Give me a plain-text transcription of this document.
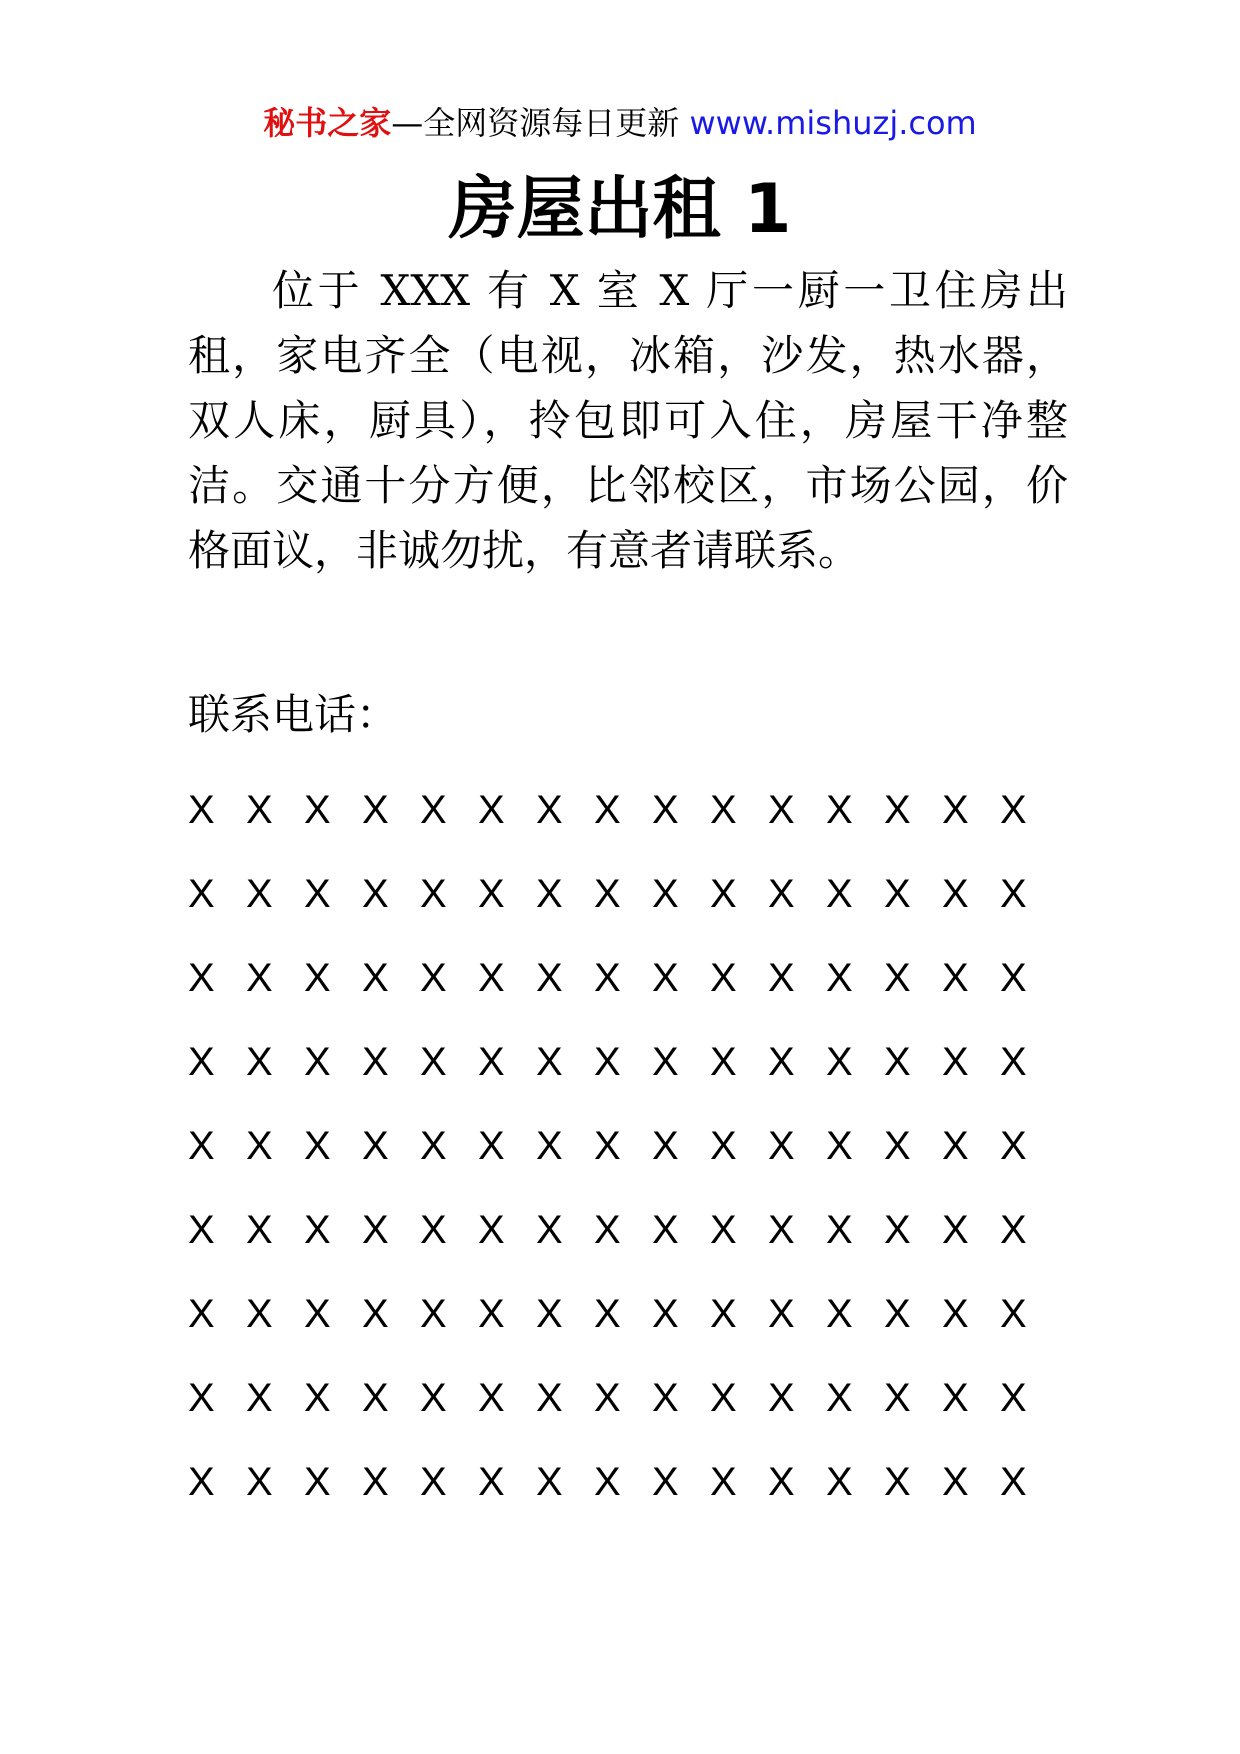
秘书之家—全网资源每日更新 www.mishuzj.com
房屋出租 1

位于 XXX 有 X 室 X 厅一厨一卫住房出租，家电齐全（电视，冰箱，沙发，热水器，双人床，厨具），拎包即可入住，房屋干净整洁。交通十分方便，比邻校区，市场公园，价格面议，非诚勿扰，有意者请联系。

联系电话：

X X X X X X X X X X X X X X X
X X X X X X X X X X X X X X X
X X X X X X X X X X X X X X X
X X X X X X X X X X X X X X X
X X X X X X X X X X X X X X X
X X X X X X X X X X X X X X X
X X X X X X X X X X X X X X X
X X X X X X X X X X X X X X X
X X X X X X X X X X X X X X X
